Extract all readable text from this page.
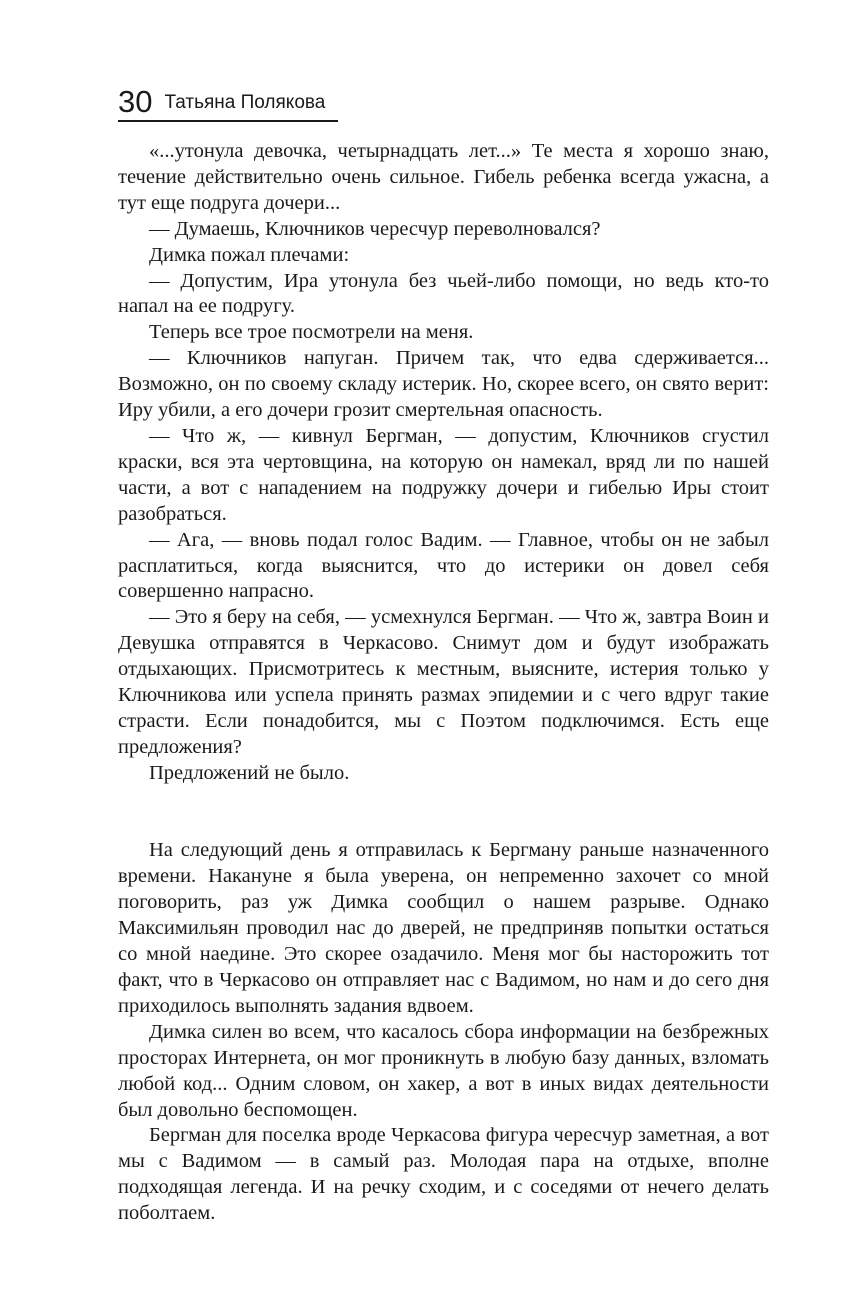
30 Татьяна Полякова

«...утонула девочка, четырнадцать лет...» Те места я хорошо знаю, течение действительно очень сильное. Гибель ребенка всегда ужасна, а тут еще подруга дочери...

— Думаешь, Ключников чересчур переволновался?

Димка пожал плечами:

— Допустим, Ира утонула без чьей-либо помощи, но ведь кто-то напал на ее подругу.

Теперь все трое посмотрели на меня.

— Ключников напуган. Причем так, что едва сдерживается... Возможно, он по своему складу истерик. Но, скорее всего, он свято верит: Иру убили, а его дочери грозит смертельная опасность.

— Что ж, — кивнул Бергман, — допустим, Ключников сгустил краски, вся эта чертовщина, на которую он намекал, вряд ли по нашей части, а вот с нападением на подружку дочери и гибелью Иры стоит разобраться.

— Ага, — вновь подал голос Вадим. — Главное, чтобы он не забыл расплатиться, когда выяснится, что до истерики он довел себя совершенно напрасно.

— Это я беру на себя, — усмехнулся Бергман. — Что ж, завтра Воин и Девушка отправятся в Черкасово. Снимут дом и будут изображать отдыхающих. Присмотритесь к местным, выясните, истерия только у Ключникова или успела принять размах эпидемии и с чего вдруг такие страсти. Если понадобится, мы с Поэтом подключимся. Есть еще предложения?

Предложений не было.

На следующий день я отправилась к Бергману раньше назначенного времени. Накануне я была уверена, он непременно захочет со мной поговорить, раз уж Димка сообщил о нашем разрыве. Однако Максимильян проводил нас до дверей, не предприняв попытки остаться со мной наедине. Это скорее озадачило. Меня мог бы насторожить тот факт, что в Черкасово он отправляет нас с Вадимом, но нам и до сего дня приходилось выполнять задания вдвоем.

Димка силен во всем, что касалось сбора информации на безбрежных просторах Интернета, он мог проникнуть в любую базу данных, взломать любой код... Одним словом, он хакер, а вот в иных видах деятельности был довольно беспомощен.

Бергман для поселка вроде Черкасова фигура чересчур заметная, а вот мы с Вадимом — в самый раз. Молодая пара на отдыхе, вполне подходящая легенда. И на речку сходим, и с соседями от нечего делать поболтаем.
